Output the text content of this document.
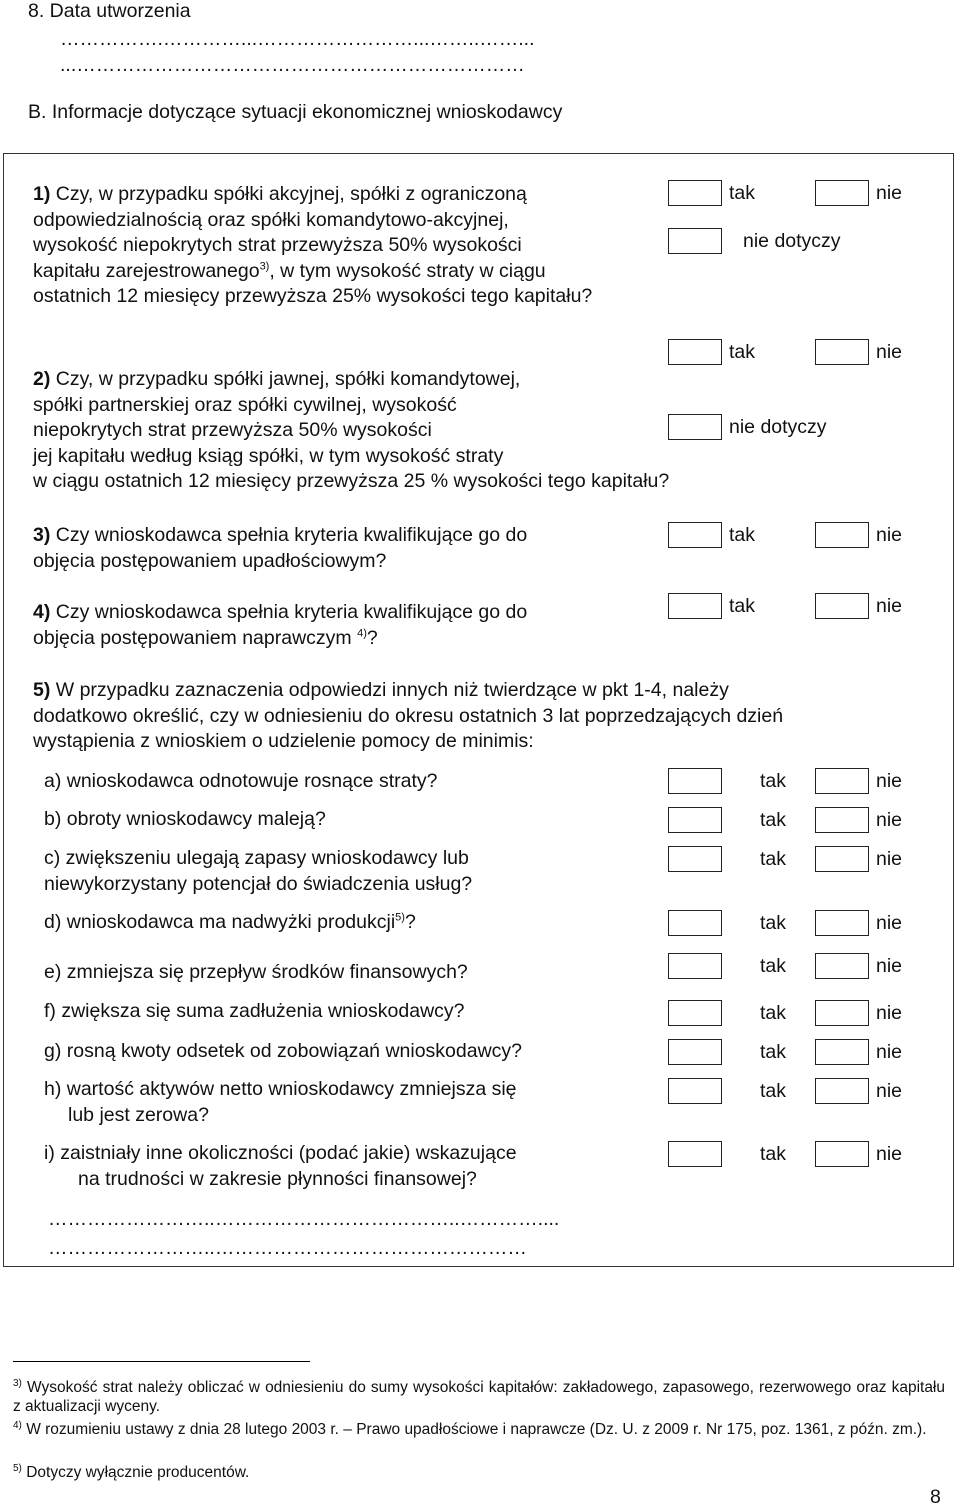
8. Data utworzenia
…………….…………...……………………...……..……...
...……………………………………………………………
B. Informacje dotyczące sytuacji ekonomicznej wnioskodawcy
1) Czy, w przypadku spółki akcyjnej, spółki z ograniczoną
odpowiedzialnością oraz spółki komandytowo-akcyjnej,
wysokość niepokrytych strat przewyższa 50% wysokości
kapitału zarejestrowanego$^{3)}$, w tym wysokość straty w ciągu
ostatnich 12 miesięcy przewyższa 25% wysokości tego kapitału?
tak	nie
nie dotyczy
tak	nie
2) Czy, w przypadku spółki jawnej, spółki komandytowej,
spółki partnerskiej oraz spółki cywilnej, wysokość
niepokrytych strat przewyższa 50% wysokości
jej kapitału według ksiąg spółki, w tym wysokość straty
w ciągu ostatnich 12 miesięcy przewyższa 25 % wysokości tego kapitału?
nie dotyczy
3) Czy wnioskodawca spełnia kryteria kwalifikujące go do
objęcia postępowaniem upadłościowym?
tak	nie
4) Czy wnioskodawca spełnia kryteria kwalifikujące go do
objęcia postępowaniem naprawczym $^{4)}$?
tak	nie
5) W przypadku zaznaczenia odpowiedzi innych niż twierdzące w pkt 1-4, należy
dodatkowo określić, czy w odniesieniu do okresu ostatnich 3 lat poprzedzających dzień
wystąpienia z wnioskiem o udzielenie pomocy de minimis:
a) wnioskodawca odnotowuje rosnące straty?	tak	nie
b) obroty wnioskodawcy maleją?	tak	nie
c) zwiększeniu ulegają zapasy wnioskodawcy lub
niewykorzystany potencjał do świadczenia usług?
tak	nie
d) wnioskodawca ma nadwyżki produkcji$^{5)}$?	tak	nie
e) zmniejsza się przepływ środków finansowych?	tak	nie
f) zwiększa się suma zadłużenia wnioskodawcy?	tak	nie
g) rosną kwoty odsetek od zobowiązań wnioskodawcy?	tak	nie
h) wartość aktywów netto wnioskodawcy zmniejsza się
lub jest zerowa?
tak	nie
i) zaistniały inne okoliczności (podać jakie) wskazujące
na trudności w zakresie płynności finansowej?
tak	nie
……………………..………………………………..…………....
……………………..…………………………………………
$^{3)}$ Wysokość strat należy obliczać w odniesieniu do sumy wysokości kapitałów: zakładowego, zapasowego, rezerwowego oraz kapitału z aktualizacji wyceny.
$^{4)}$ W rozumieniu ustawy z dnia 28 lutego 2003 r. – Prawo upadłościowe i naprawcze (Dz. U. z 2009 r. Nr 175, poz. 1361, z późn. zm.).
$^{5)}$ Dotyczy wyłącznie producentów.
8
